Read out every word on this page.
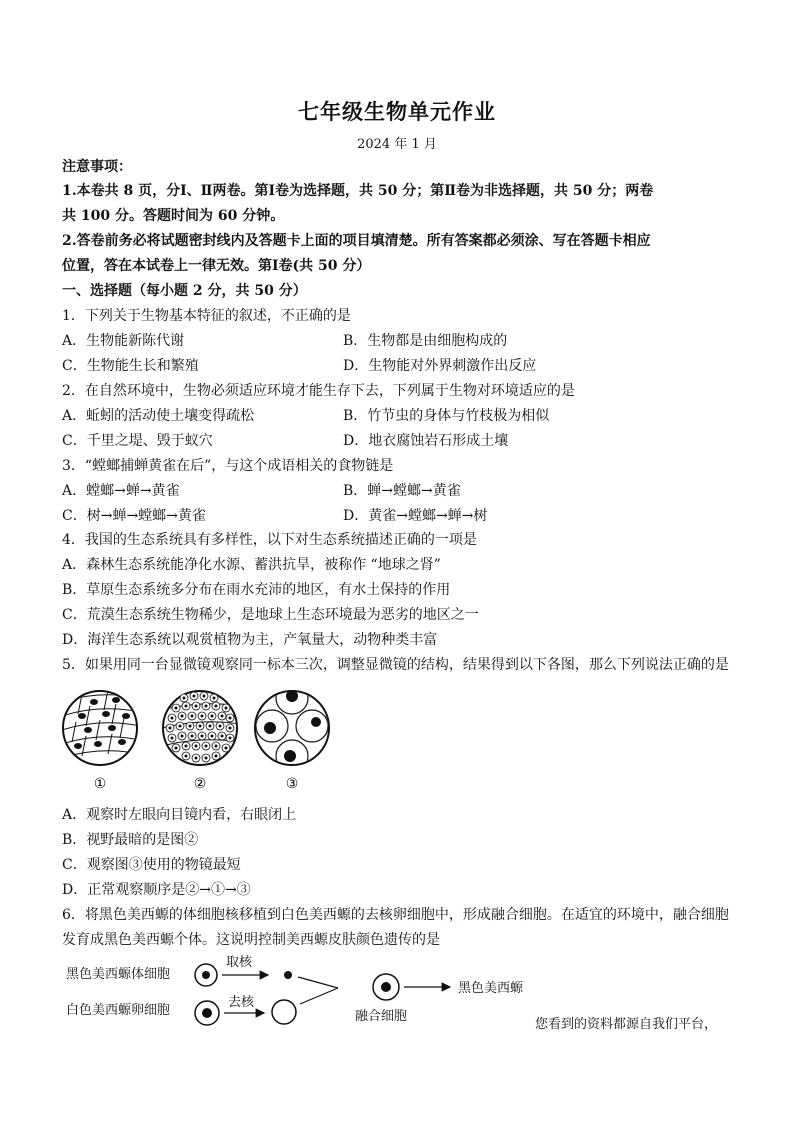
七年级生物单元作业
2024 年 1 月
注意事项：
1.本卷共 8 页，分Ⅰ、Ⅱ两卷。第Ⅰ卷为选择题，共 50 分；第Ⅱ卷为非选择题，共 50 分；两卷
共 100 分。答题时间为 60 分钟。
2.答卷前务必将试题密封线内及答题卡上面的项目填清楚。所有答案都必须涂、写在答题卡相应
位置，答在本试卷上一律无效。第Ⅰ卷(共 50 分）
一、选择题（每小题 2 分，共 50 分）
1．下列关于生物基本特征的叙述，不正确的是
A．生物能新陈代谢	B．生物都是由细胞构成的
C．生物能生长和繁殖	D．生物能对外界刺激作出反应
2．在自然环境中，生物必须适应环境才能生存下去，下列属于生物对环境适应的是
A．蚯蚓的活动使土壤变得疏松	B．竹节虫的身体与竹枝极为相似
C．千里之堤、毁于蚁穴	D．地衣腐蚀岩石形成土壤
3．“螳螂捕蝉黄雀在后”，与这个成语相关的食物链是
A．螳螂→蝉→黄雀	B．蝉→螳螂→黄雀
C．树→蝉→螳螂→黄雀	D．黄雀→螳螂→蝉→树
4．我国的生态系统具有多样性，以下对生态系统描述正确的一项是
A．森林生态系统能净化水源、蓄洪抗旱，被称作 “地球之肾”
B．草原生态系统多分布在雨水充沛的地区，有水土保持的作用
C．荒漠生态系统生物稀少，是地球上生态环境最为恶劣的地区之一
D．海洋生态系统以观赏植物为主，产氧量大，动物种类丰富
5．如果用同一台显微镜观察同一标本三次，调整显微镜的结构，结果得到以下各图，那么下列说法正确的是
①	②	③
A．观察时左眼向目镜内看，右眼闭上
B．视野最暗的是图②
C．观察图③使用的物镜最短
D．正常观察顺序是②→①→③
6．将黑色美西螈的体细胞核移植到白色美西螈的去核卵细胞中，形成融合细胞。在适宜的环境中，融合细胞
发育成黑色美西螈个体。这说明控制美西螈皮肤颜色遗传的是
黑色美西螈体细胞
白色美西螈卵细胞
取核
去核
融合细胞
黑色美西螈
您看到的资料都源自我们平台，
